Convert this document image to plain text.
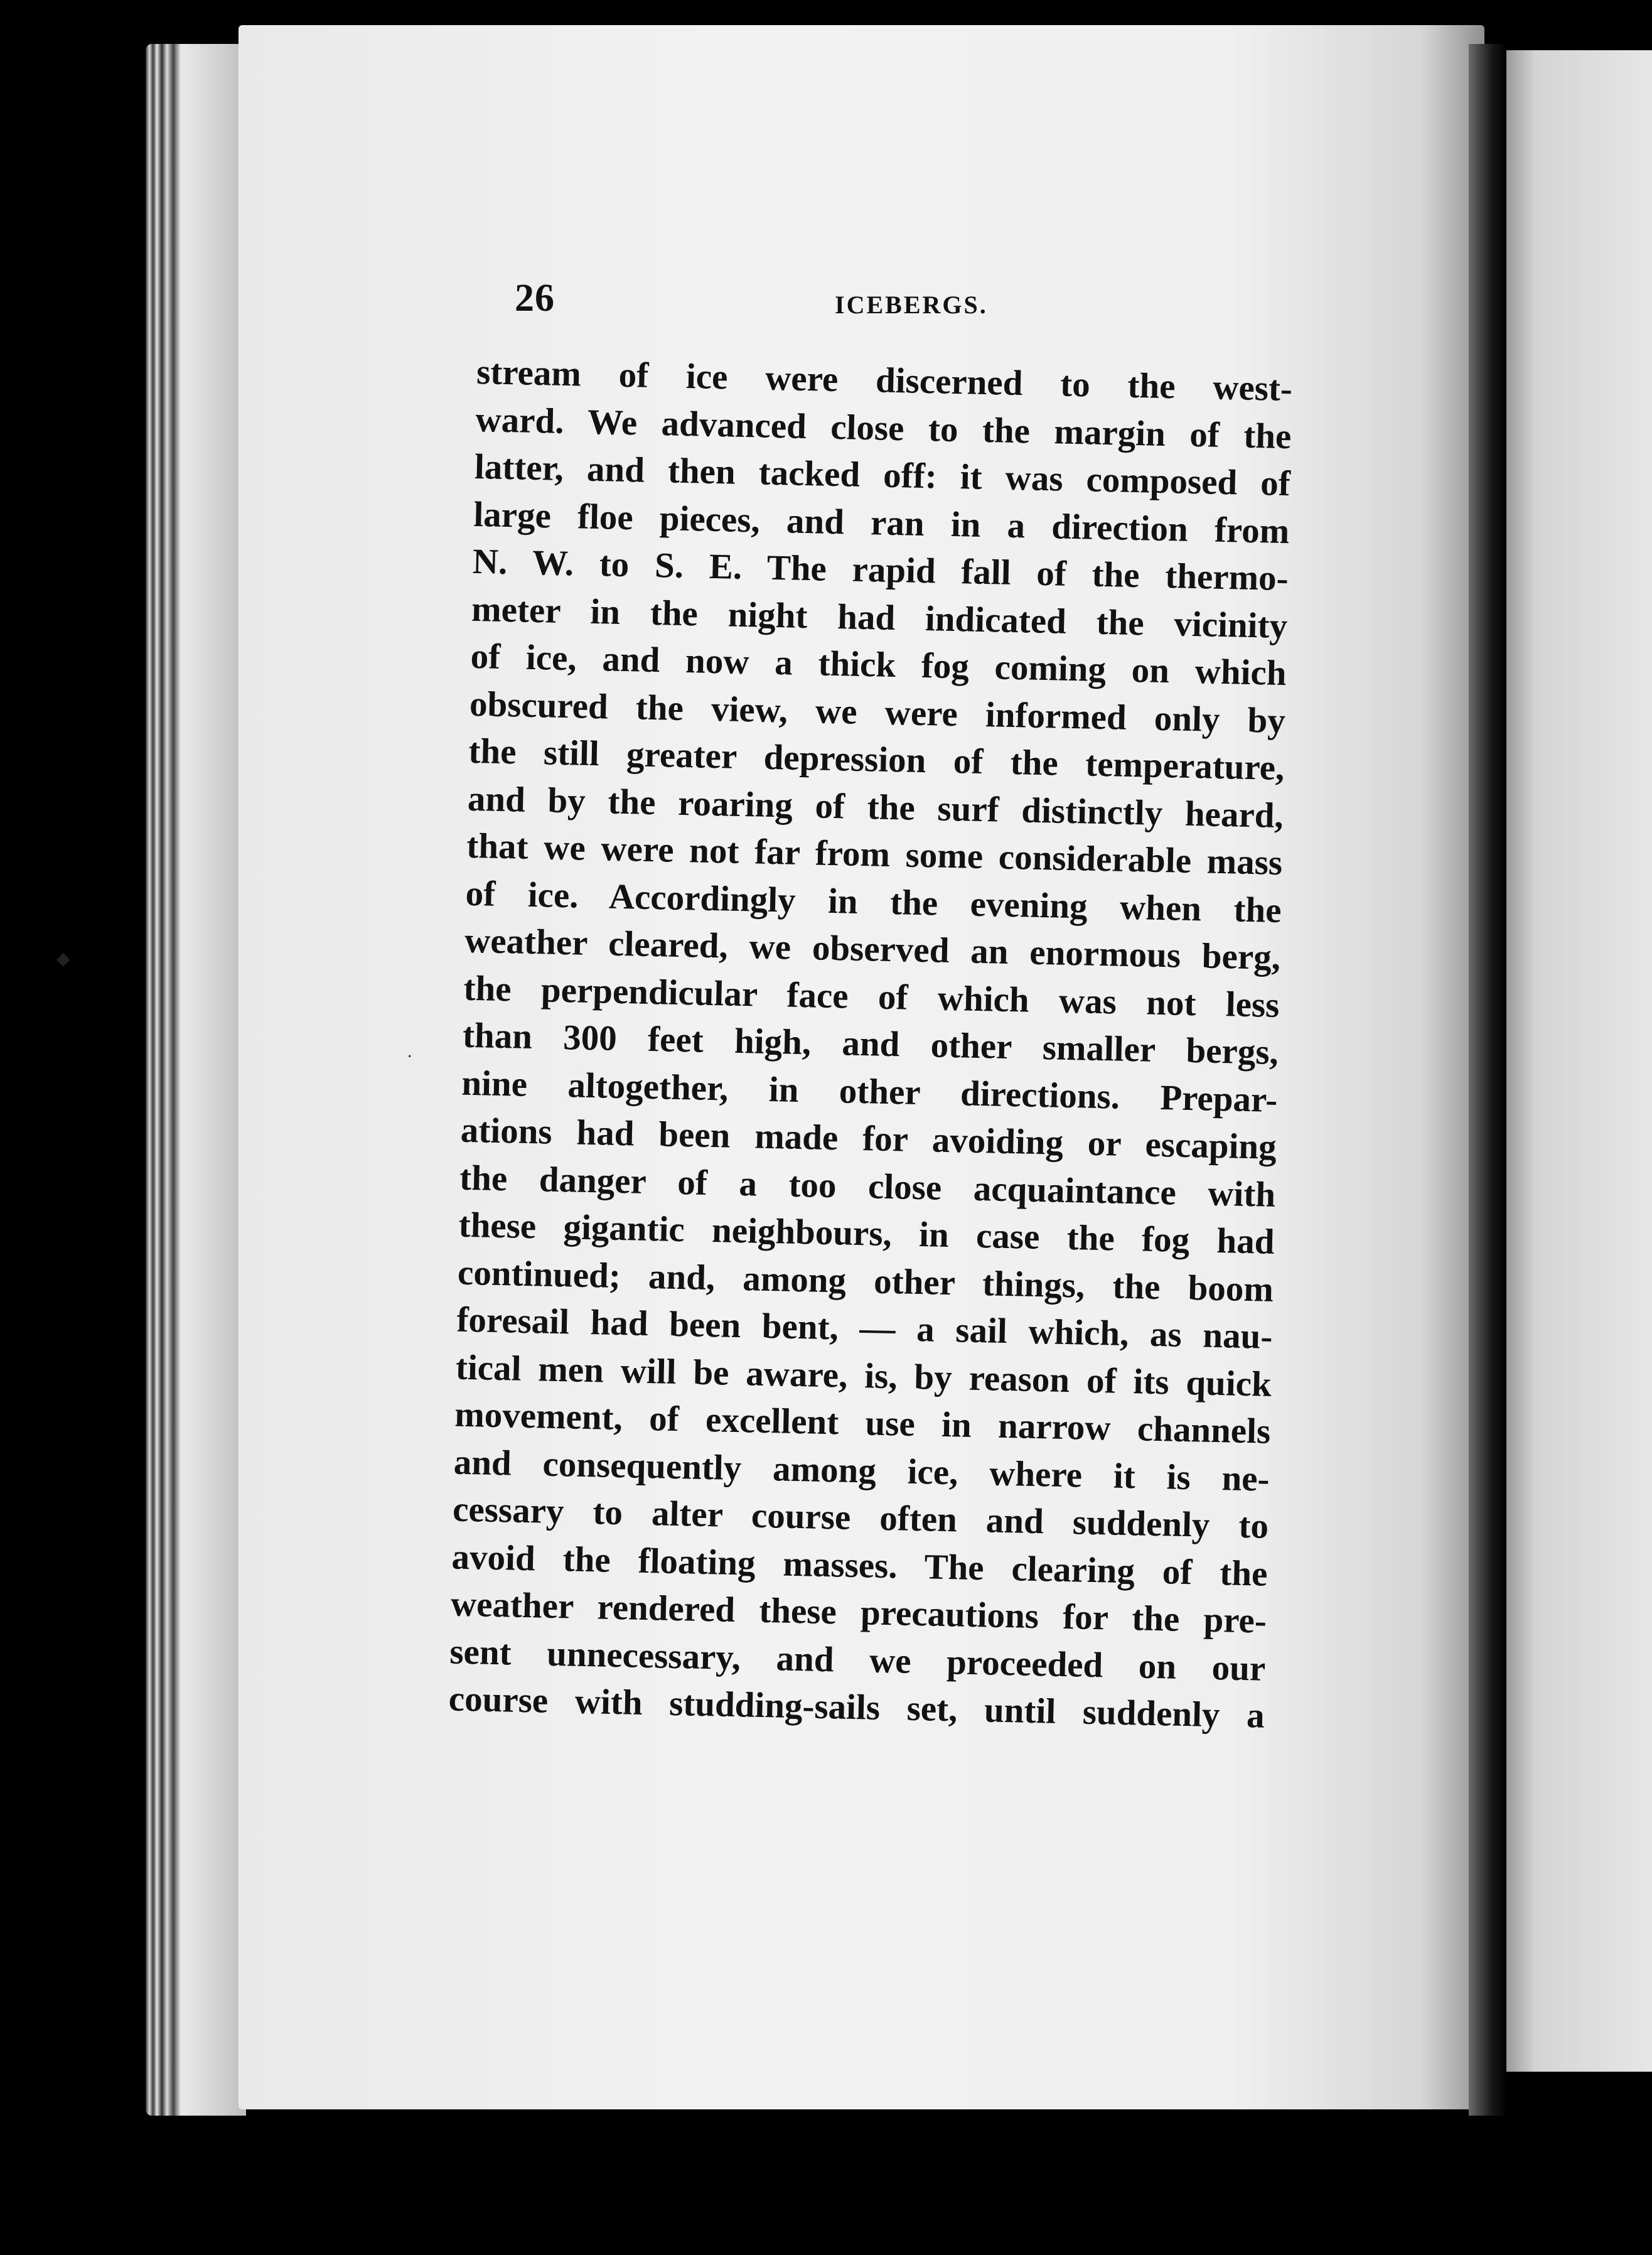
26	ICEBERGS.
stream of ice were discerned to the west-
ward. We advanced close to the margin of the
latter, and then tacked off: it was composed of
large floe pieces, and ran in a direction from
N. W. to S. E. The rapid fall of the thermo-
meter in the night had indicated the vicinity
of ice, and now a thick fog coming on which
obscured the view, we were informed only by
the still greater depression of the temperature,
and by the roaring of the surf distinctly heard,
that we were not far from some considerable mass
of ice. Accordingly in the evening when the
weather cleared, we observed an enormous berg,
the perpendicular face of which was not less
than 300 feet high, and other smaller bergs,
nine altogether, in other directions. Prepar-
ations had been made for avoiding or escaping
the danger of a too close acquaintance with
these gigantic neighbours, in case the fog had
continued; and, among other things, the boom
foresail had been bent, — a sail which, as nau-
tical men will be aware, is, by reason of its quick
movement, of excellent use in narrow channels
and consequently among ice, where it is ne-
cessary to alter course often and suddenly to
avoid the floating masses. The clearing of the
weather rendered these precautions for the pre-
sent unnecessary, and we proceeded on our
course with studding-sails set, until suddenly a
◆
·
